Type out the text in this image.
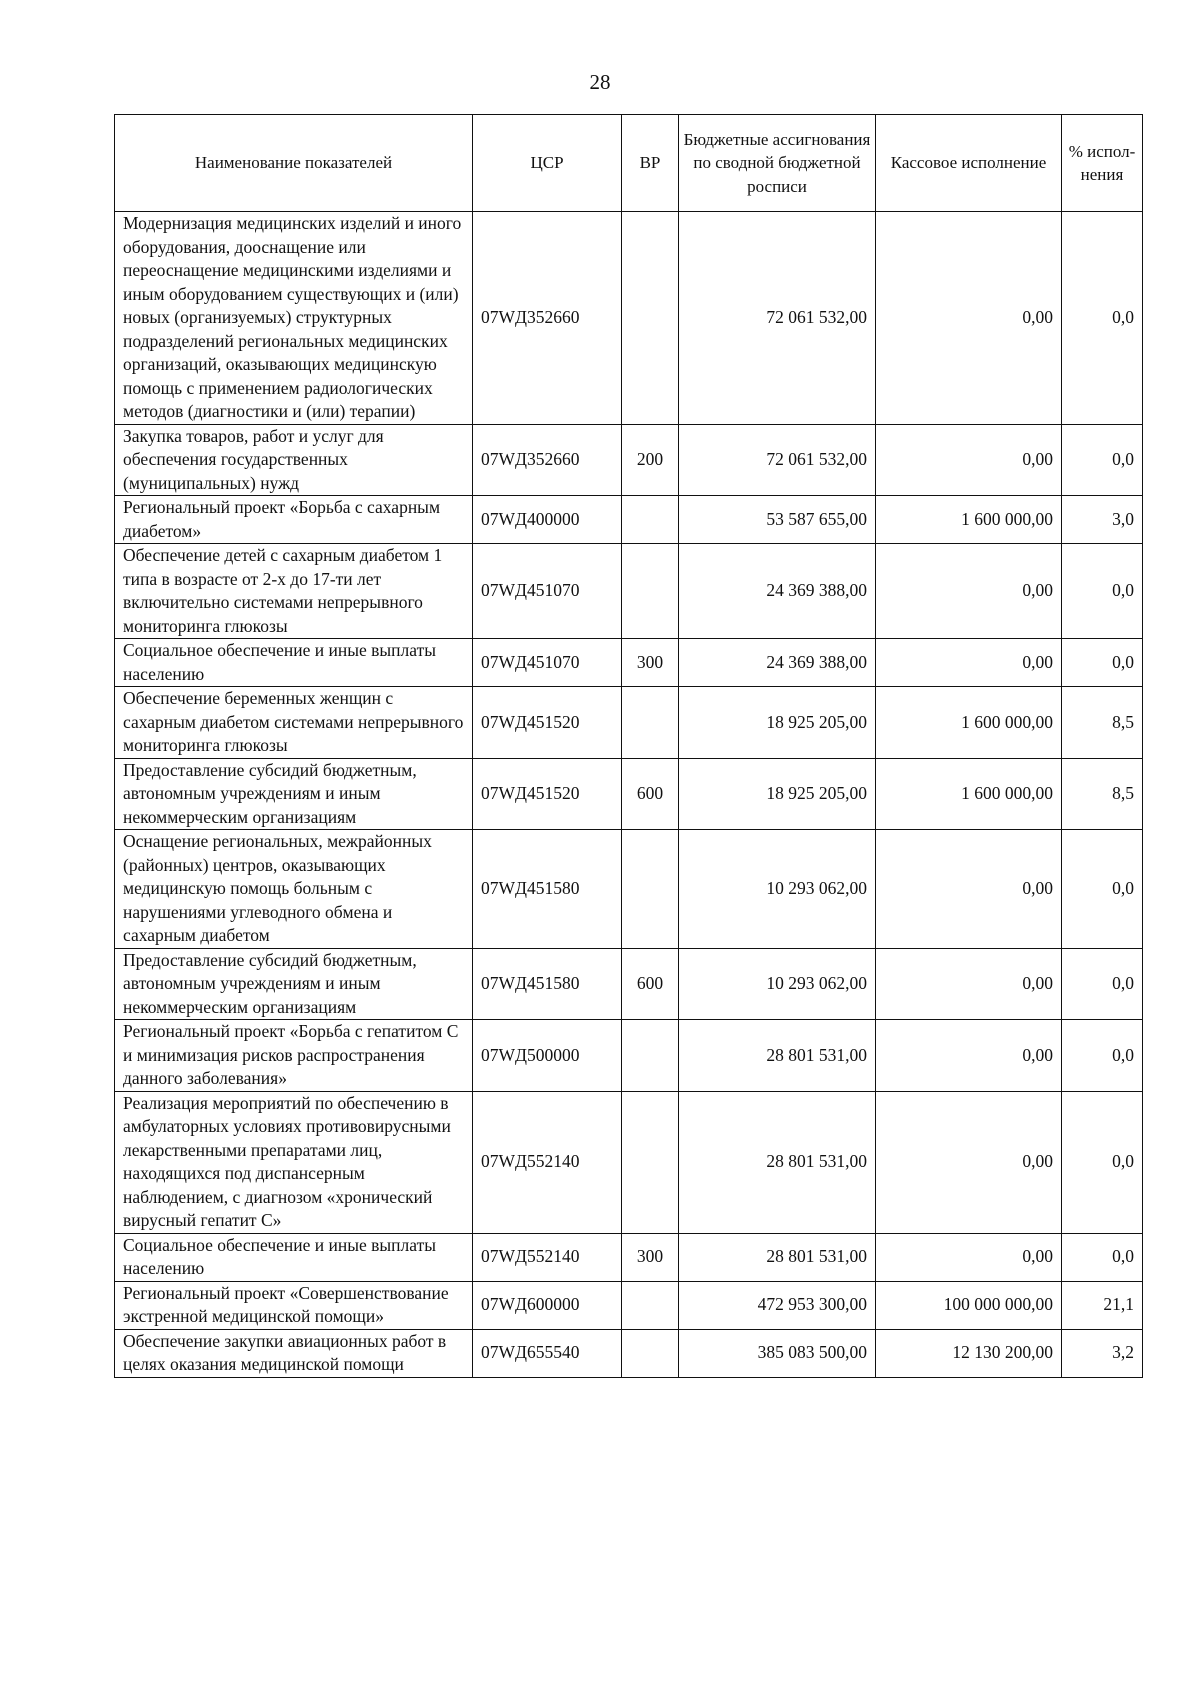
28
Наименование показателей	ЦСР	ВР	Бюджетные ассигнования по сводной бюджетной росписи	Кассовое исполнение	% испол-нения
Модернизация медицинских изделий и иного оборудования, дооснащение или переоснащение медицинскими изделиями и иным оборудованием существующих и (или) новых (организуемых) структурных подразделений региональных медицинских организаций, оказывающих медицинскую помощь с применением радиологических методов (диагностики и (или) терапии)	07WД352660		72 061 532,00	0,00	0,0
Закупка товаров, работ и услуг для обеспечения государственных (муниципальных) нужд	07WД352660	200	72 061 532,00	0,00	0,0
Региональный проект «Борьба с сахарным диабетом»	07WД400000		53 587 655,00	1 600 000,00	3,0
Обеспечение детей с сахарным диабетом 1 типа в возрасте от 2-х до 17-ти лет включительно системами непрерывного мониторинга глюкозы	07WД451070		24 369 388,00	0,00	0,0
Социальное обеспечение и иные выплаты населению	07WД451070	300	24 369 388,00	0,00	0,0
Обеспечение беременных женщин с сахарным диабетом системами непрерывного мониторинга глюкозы	07WД451520		18 925 205,00	1 600 000,00	8,5
Предоставление субсидий бюджетным, автономным учреждениям и иным некоммерческим организациям	07WД451520	600	18 925 205,00	1 600 000,00	8,5
Оснащение региональных, межрайонных (районных) центров, оказывающих медицинскую помощь больным с нарушениями углеводного обмена и сахарным диабетом	07WД451580		10 293 062,00	0,00	0,0
Предоставление субсидий бюджетным, автономным учреждениям и иным некоммерческим организациям	07WД451580	600	10 293 062,00	0,00	0,0
Региональный проект «Борьба с гепатитом С и минимизация рисков распространения данного заболевания»	07WД500000		28 801 531,00	0,00	0,0
Реализация мероприятий по обеспечению в амбулаторных условиях противовирусными лекарственными препаратами лиц, находящихся под диспансерным наблюдением, с диагнозом «хронический вирусный гепатит С»	07WД552140		28 801 531,00	0,00	0,0
Социальное обеспечение и иные выплаты населению	07WД552140	300	28 801 531,00	0,00	0,0
Региональный проект «Совершенствование экстренной медицинской помощи»	07WД600000		472 953 300,00	100 000 000,00	21,1
Обеспечение закупки авиационных работ в целях оказания медицинской помощи	07WД655540		385 083 500,00	12 130 200,00	3,2
